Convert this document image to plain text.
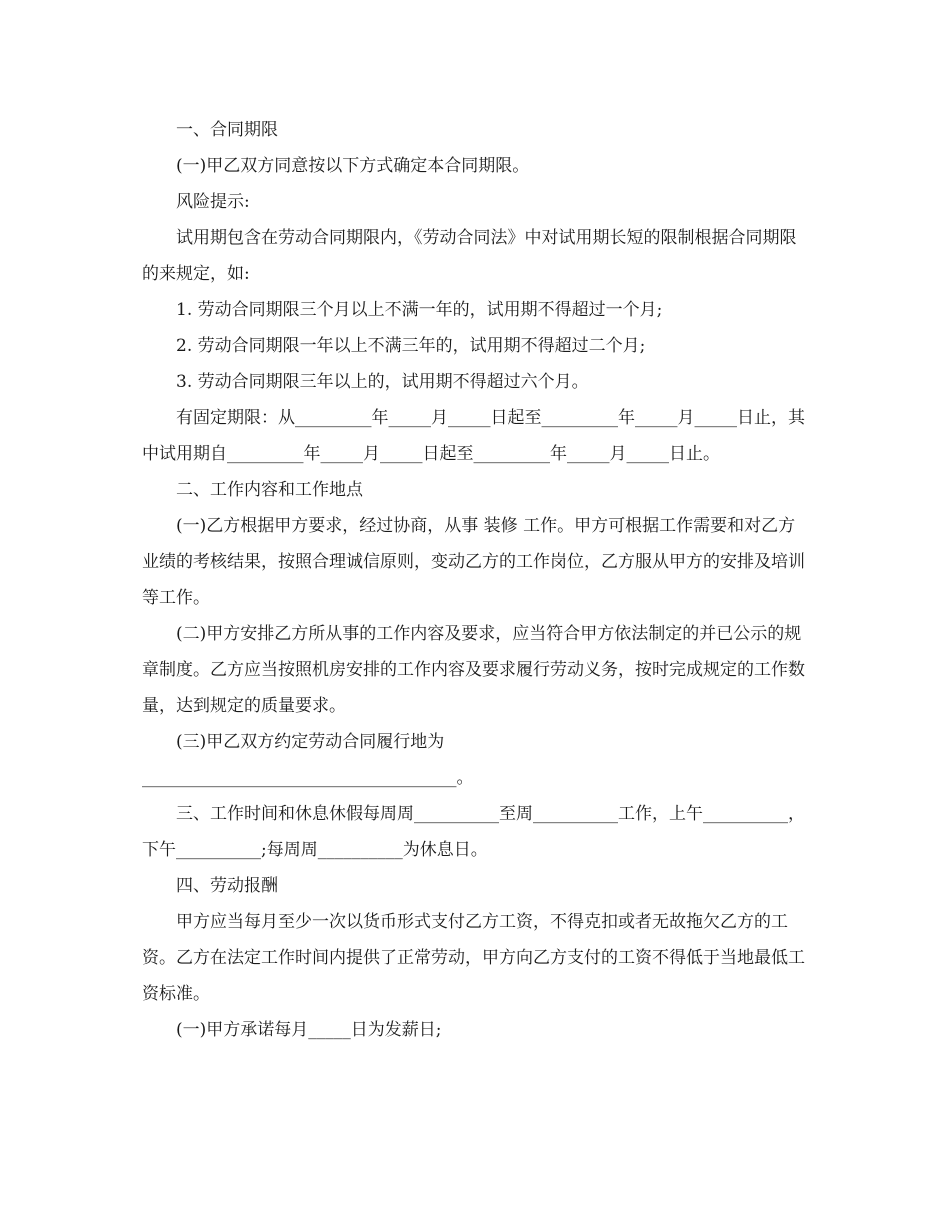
一、合同期限

(一)甲乙双方同意按以下方式确定本合同期限。

风险提示:

试用期包含在劳动合同期限内，《劳动合同法》中对试用期长短的限制根据合同期限的来规定，如:

1. 劳动合同期限三个月以上不满一年的，试用期不得超过一个月;

2. 劳动合同期限一年以上不满三年的，试用期不得超过二个月;

3. 劳动合同期限三年以上的，试用期不得超过六个月。

有固定期限：从_________年_____月_____日起至_________年_____月_____日止，其中试用期自_________年_____月_____日起至_________年_____月_____日止。

二、工作内容和工作地点

(一)乙方根据甲方要求，经过协商，从事 装修 工作。甲方可根据工作需要和对乙方业绩的考核结果，按照合理诚信原则，变动乙方的工作岗位，乙方服从甲方的安排及培训等工作。

(二)甲方安排乙方所从事的工作内容及要求，应当符合甲方依法制定的并已公示的规章制度。乙方应当按照机房安排的工作内容及要求履行劳动义务，按时完成规定的工作数量，达到规定的质量要求。

(三)甲乙双方约定劳动合同履行地为

_____________________________________。

三、工作时间和休息休假每周周__________至周__________工作，上午__________，下午__________;每周周__________为休息日。

四、劳动报酬

甲方应当每月至少一次以货币形式支付乙方工资，不得克扣或者无故拖欠乙方的工资。乙方在法定工作时间内提供了正常劳动，甲方向乙方支付的工资不得低于当地最低工资标准。

(一)甲方承诺每月_____日为发薪日;
